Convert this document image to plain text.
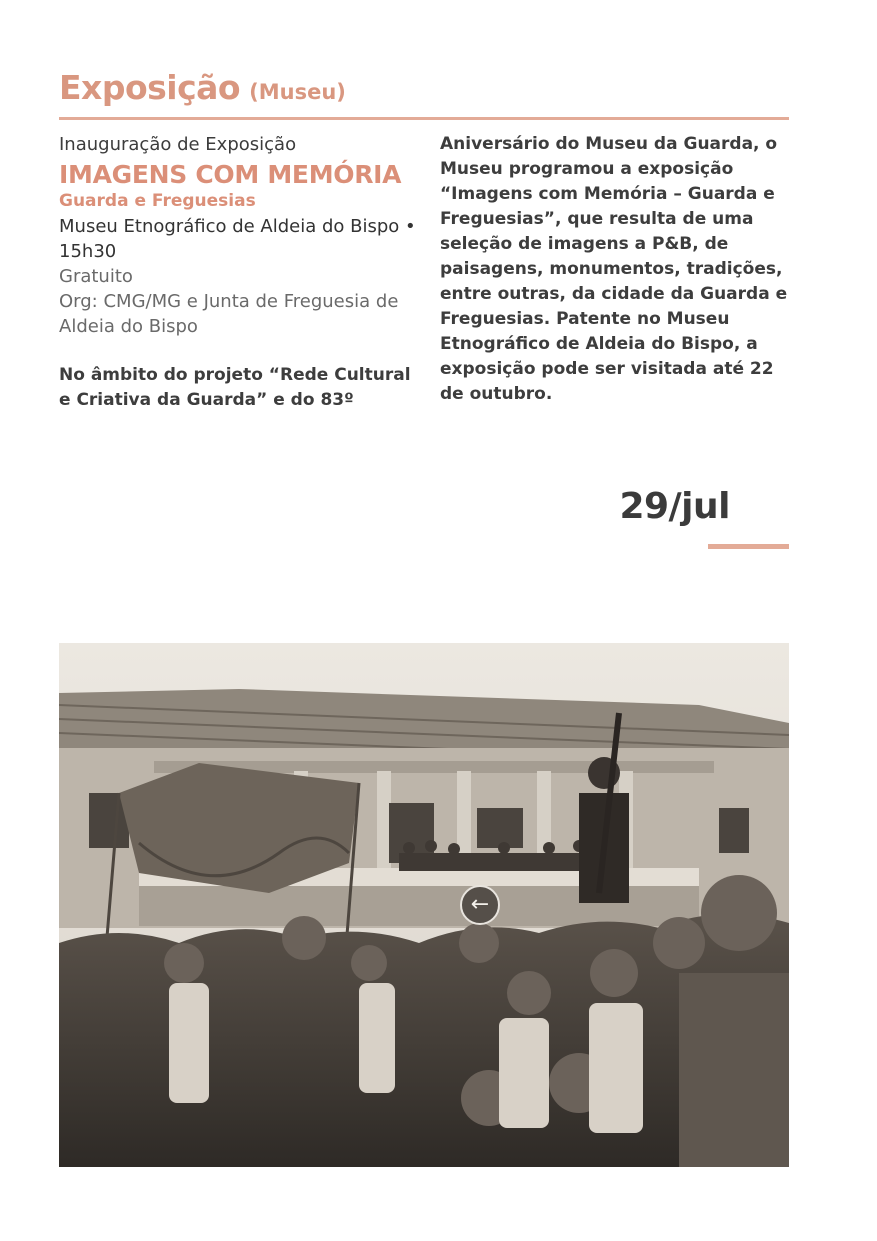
Exposição (Museu)
Inauguração de Exposição
IMAGENS COM MEMÓRIA
Guarda e Freguesias
Museu Etnográfico de Aldeia do Bispo • 15h30
Gratuito
Org: CMG/MG e Junta de Freguesia de Aldeia do Bispo
No âmbito do projeto “Rede Cultural e Criativa da Guarda” e do 83º
Aniversário do Museu da Guarda, o Museu programou a exposição “Imagens com Memória – Guarda e Freguesias”, que resulta de uma seleção de imagens a P&B, de paisagens, monumentos, tradições, entre outras, da cidade da Guarda e Freguesias. Patente no Museu Etnográfico de Aldeia do Bispo, a exposição pode ser visitada até 22 de outubro.
29/jul
←
